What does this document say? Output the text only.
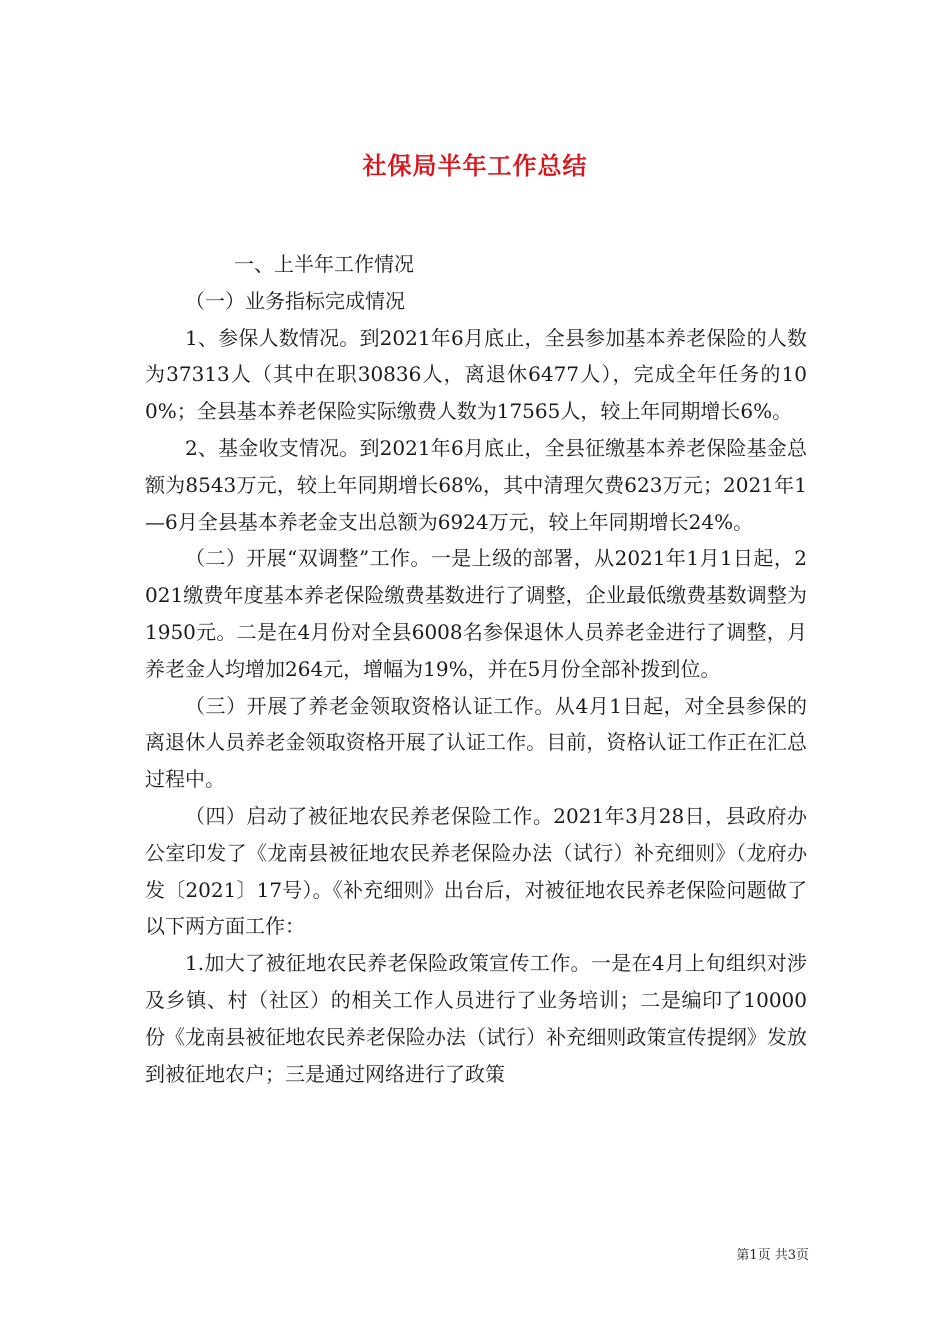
社保局半年工作总结

一、上半年工作情况

（一）业务指标完成情况

1、参保人数情况。到2021年6月底止，全县参加基本养老保险的人数为37313人（其中在职30836人，离退休6477人），完成全年任务的100%；全县基本养老保险实际缴费人数为17565人，较上年同期增长6%。

2、基金收支情况。到2021年6月底止，全县征缴基本养老保险基金总额为8543万元，较上年同期增长68%，其中清理欠费623万元；2021年1—6月全县基本养老金支出总额为6924万元，较上年同期增长24%。

（二）开展“双调整”工作。一是上级的部署，从2021年1月1日起，2021缴费年度基本养老保险缴费基数进行了调整，企业最低缴费基数调整为1950元。二是在4月份对全县6008名参保退休人员养老金进行了调整，月养老金人均增加264元，增幅为19%，并在5月份全部补拨到位。

（三）开展了养老金领取资格认证工作。从4月1日起，对全县参保的离退休人员养老金领取资格开展了认证工作。目前，资格认证工作正在汇总过程中。

（四）启动了被征地农民养老保险工作。2021年3月28日，县政府办公室印发了《龙南县被征地农民养老保险办法（试行）补充细则》（龙府办发〔2021〕17号）。《补充细则》出台后，对被征地农民养老保险问题做了以下两方面工作：

1.加大了被征地农民养老保险政策宣传工作。一是在4月上旬组织对涉及乡镇、村（社区）的相关工作人员进行了业务培训；二是编印了10000份《龙南县被征地农民养老保险办法（试行）补充细则政策宣传提纲》发放到被征地农户；三是通过网络进行了政策

第1页 共3页
